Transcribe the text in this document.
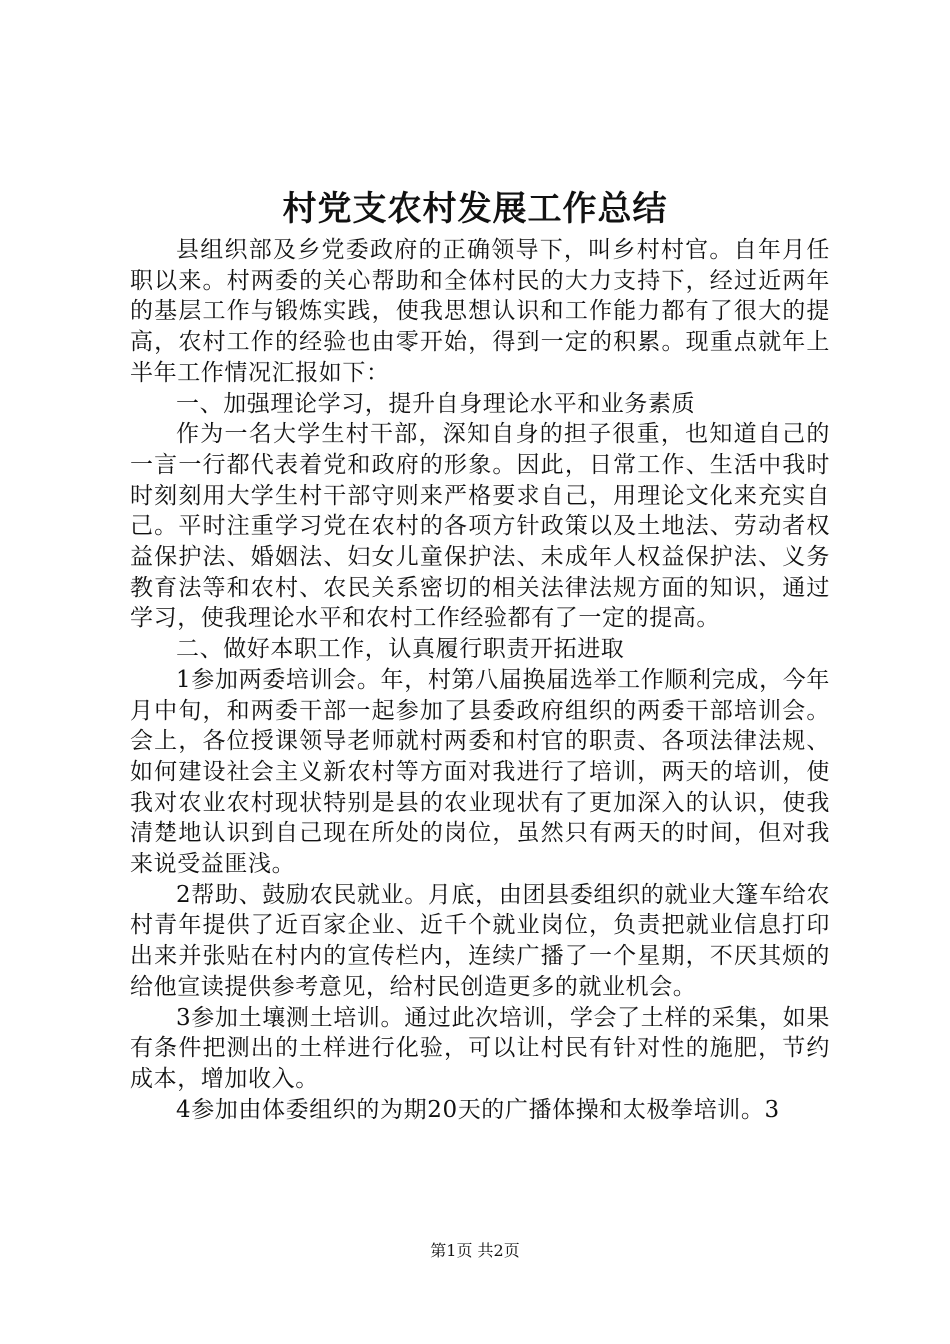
村党支农村发展工作总结

县组织部及乡党委政府的正确领导下，叫乡村村官。自年月任职以来。村两委的关心帮助和全体村民的大力支持下，经过近两年的基层工作与锻炼实践，使我思想认识和工作能力都有了很大的提高，农村工作的经验也由零开始，得到一定的积累。现重点就年上半年工作情况汇报如下：

一、加强理论学习，提升自身理论水平和业务素质

作为一名大学生村干部，深知自身的担子很重，也知道自己的一言一行都代表着党和政府的形象。因此，日常工作、生活中我时时刻刻用大学生村干部守则来严格要求自己，用理论文化来充实自己。平时注重学习党在农村的各项方针政策以及土地法、劳动者权益保护法、婚姻法、妇女儿童保护法、未成年人权益保护法、义务教育法等和农村、农民关系密切的相关法律法规方面的知识，通过学习，使我理论水平和农村工作经验都有了一定的提高。

二、做好本职工作，认真履行职责开拓进取

1参加两委培训会。年，村第八届换届选举工作顺利完成，今年月中旬，和两委干部一起参加了县委政府组织的两委干部培训会。会上，各位授课领导老师就村两委和村官的职责、各项法律法规、如何建设社会主义新农村等方面对我进行了培训，两天的培训，使我对农业农村现状特别是县的农业现状有了更加深入的认识，使我清楚地认识到自己现在所处的岗位，虽然只有两天的时间，但对我来说受益匪浅。

2帮助、鼓励农民就业。月底，由团县委组织的就业大篷车给农村青年提供了近百家企业、近千个就业岗位，负责把就业信息打印出来并张贴在村内的宣传栏内，连续广播了一个星期，不厌其烦的给他宣读提供参考意见，给村民创造更多的就业机会。

3参加土壤测土培训。通过此次培训，学会了土样的采集，如果有条件把测出的土样进行化验，可以让村民有针对性的施肥，节约成本，增加收入。

4参加由体委组织的为期20天的广播体操和太极拳培训。3

第1页 共2页
